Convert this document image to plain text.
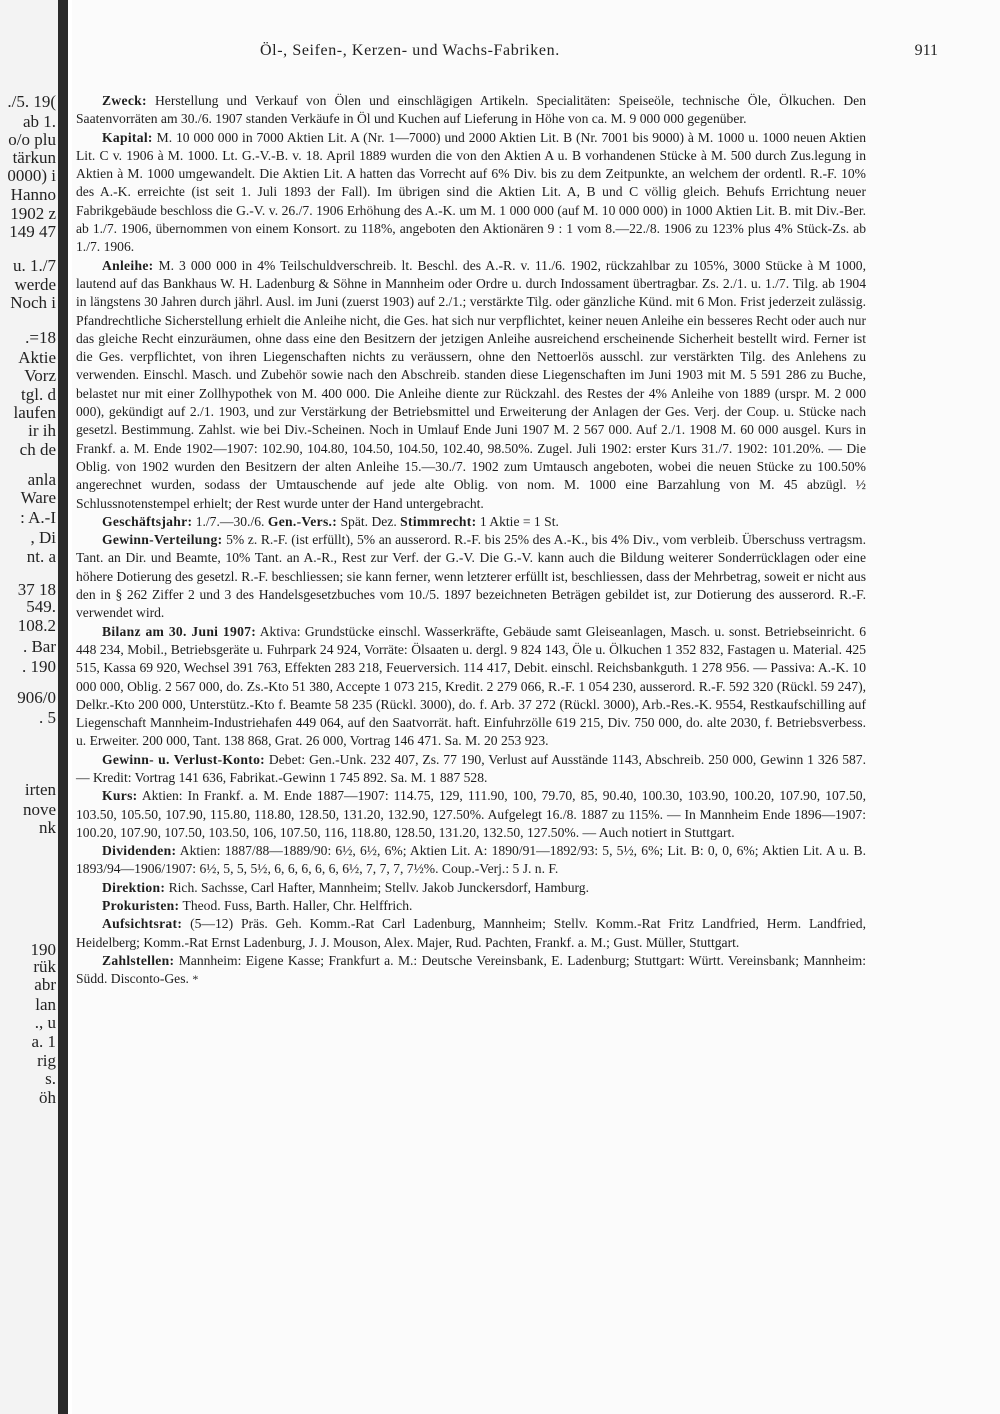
./5. 19(
ab 1.
o/o plu
tärkun
0000) i
Hanno
1902 z
149 47
u. 1./7
werde
Noch i
.=18
Aktie
Vorz
tgl. d
laufen
ir ih
ch de
anla
Ware
: A.-I
, Di
nt. a
37 18
549.
108.2
. Bar
. 190
906/0
. 5
irten
nove
nk
190
rük
abr
lan
., u
a. 1
rig
s.
öh
Öl-, Seifen-, Kerzen- und Wachs-Fabriken.	911

Zweck: Herstellung und Verkauf von Ölen und einschlägigen Artikeln. Specialitäten: Speiseöle, technische Öle, Ölkuchen. Den Saatenvorräten am 30./6. 1907 standen Verkäufe in Öl und Kuchen auf Lieferung in Höhe von ca. M. 9 000 000 gegenüber.

Kapital: M. 10 000 000 in 7000 Aktien Lit. A (Nr. 1—7000) und 2000 Aktien Lit. B (Nr. 7001 bis 9000) à M. 1000 u. 1000 neuen Aktien Lit. C v. 1906 à M. 1000. Lt. G.-V.-B. v. 18. April 1889 wurden die von den Aktien A u. B vorhandenen Stücke à M. 500 durch Zus.legung in Aktien à M. 1000 umgewandelt. Die Aktien Lit. A hatten das Vorrecht auf 6% Div. bis zu dem Zeitpunkte, an welchem der ordentl. R.-F. 10% des A.-K. erreichte (ist seit 1. Juli 1893 der Fall). Im übrigen sind die Aktien Lit. A, B und C völlig gleich. Behufs Errichtung neuer Fabrikgebäude beschloss die G.-V. v. 26./7. 1906 Erhöhung des A.-K. um M. 1 000 000 (auf M. 10 000 000) in 1000 Aktien Lit. B. mit Div.-Ber. ab 1./7. 1906, übernommen von einem Konsort. zu 118%, angeboten den Aktionären 9 : 1 vom 8.—22./8. 1906 zu 123% plus 4% Stück-Zs. ab 1./7. 1906.

Anleihe: M. 3 000 000 in 4% Teilschuldverschreib. lt. Beschl. des A.-R. v. 11./6. 1902, rückzahlbar zu 105%, 3000 Stücke à M 1000, lautend auf das Bankhaus W. H. Ladenburg & Söhne in Mannheim oder Ordre u. durch Indossament übertragbar. Zs. 2./1. u. 1./7. Tilg. ab 1904 in längstens 30 Jahren durch jährl. Ausl. im Juni (zuerst 1903) auf 2./1.; verstärkte Tilg. oder gänzliche Künd. mit 6 Mon. Frist jederzeit zulässig. Pfandrechtliche Sicherstellung erhielt die Anleihe nicht, die Ges. hat sich nur verpflichtet, keiner neuen Anleihe ein besseres Recht oder auch nur das gleiche Recht einzuräumen, ohne dass eine den Besitzern der jetzigen Anleihe ausreichend erscheinende Sicherheit bestellt wird. Ferner ist die Ges. verpflichtet, von ihren Liegenschaften nichts zu veräussern, ohne den Nettoerlös ausschl. zur verstärkten Tilg. des Anlehens zu verwenden. Einschl. Masch. und Zubehör sowie nach den Abschreib. standen diese Liegenschaften im Juni 1903 mit M. 5 591 286 zu Buche, belastet nur mit einer Zollhypothek von M. 400 000. Die Anleihe diente zur Rückzahl. des Restes der 4% Anleihe von 1889 (urspr. M. 2 000 000), gekündigt auf 2./1. 1903, und zur Verstärkung der Betriebsmittel und Erweiterung der Anlagen der Ges. Verj. der Coup. u. Stücke nach gesetzl. Bestimmung. Zahlst. wie bei Div.-Scheinen. Noch in Umlauf Ende Juni 1907 M. 2 567 000. Auf 2./1. 1908 M. 60 000 ausgel. Kurs in Frankf. a. M. Ende 1902—1907: 102.90, 104.80, 104.50, 104.50, 102.40, 98.50%. Zugel. Juli 1902: erster Kurs 31./7. 1902: 101.20%. — Die Oblig. von 1902 wurden den Besitzern der alten Anleihe 15.—30./7. 1902 zum Umtausch angeboten, wobei die neuen Stücke zu 100.50% angerechnet wurden, sodass der Umtauschende auf jede alte Oblig. von nom. M. 1000 eine Barzahlung von M. 45 abzügl. ½ Schlussnotenstempel erhielt; der Rest wurde unter der Hand untergebracht.

Geschäftsjahr: 1./7.—30./6. Gen.-Vers.: Spät. Dez. Stimmrecht: 1 Aktie = 1 St.

Gewinn-Verteilung: 5% z. R.-F. (ist erfüllt), 5% an ausserord. R.-F. bis 25% des A.-K., bis 4% Div., vom verbleib. Überschuss vertragsm. Tant. an Dir. und Beamte, 10% Tant. an A.-R., Rest zur Verf. der G.-V. Die G.-V. kann auch die Bildung weiterer Sonderrücklagen oder eine höhere Dotierung des gesetzl. R.-F. beschliessen; sie kann ferner, wenn letzterer erfüllt ist, beschliessen, dass der Mehrbetrag, soweit er nicht aus den in § 262 Ziffer 2 und 3 des Handelsgesetzbuches vom 10./5. 1897 bezeichneten Beträgen gebildet ist, zur Dotierung des ausserord. R.-F. verwendet wird.

Bilanz am 30. Juni 1907: Aktiva: Grundstücke einschl. Wasserkräfte, Gebäude samt Gleiseanlagen, Masch. u. sonst. Betriebseinricht. 6 448 234, Mobil., Betriebsgeräte u. Fuhrpark 24 924, Vorräte: Ölsaaten u. dergl. 9 824 143, Öle u. Ölkuchen 1 352 832, Fastagen u. Material. 425 515, Kassa 69 920, Wechsel 391 763, Effekten 283 218, Feuerversich. 114 417, Debit. einschl. Reichsbankguth. 1 278 956. — Passiva: A.-K. 10 000 000, Oblig. 2 567 000, do. Zs.-Kto 51 380, Accepte 1 073 215, Kredit. 2 279 066, R.-F. 1 054 230, ausserord. R.-F. 592 320 (Rückl. 59 247), Delkr.-Kto 200 000, Unterstütz.-Kto f. Beamte 58 235 (Rückl. 3000), do. f. Arb. 37 272 (Rückl. 3000), Arb.-Res.-K. 9554, Restkaufschilling auf Liegenschaft Mannheim-Industriehafen 449 064, auf den Saatvorrät. haft. Einfuhrzölle 619 215, Div. 750 000, do. alte 2030, f. Betriebsverbess. u. Erweiter. 200 000, Tant. 138 868, Grat. 26 000, Vortrag 146 471. Sa. M. 20 253 923.

Gewinn- u. Verlust-Konto: Debet: Gen.-Unk. 232 407, Zs. 77 190, Verlust auf Ausstände 1143, Abschreib. 250 000, Gewinn 1 326 587. — Kredit: Vortrag 141 636, Fabrikat.-Gewinn 1 745 892. Sa. M. 1 887 528.

Kurs: Aktien: In Frankf. a. M. Ende 1887—1907: 114.75, 129, 111.90, 100, 79.70, 85, 90.40, 100.30, 103.90, 100.20, 107.90, 107.50, 103.50, 105.50, 107.90, 115.80, 118.80, 128.50, 131.20, 132.90, 127.50%. Aufgelegt 16./8. 1887 zu 115%. — In Mannheim Ende 1896—1907: 100.20, 107.90, 107.50, 103.50, 106, 107.50, 116, 118.80, 128.50, 131.20, 132.50, 127.50%. — Auch notiert in Stuttgart.

Dividenden: Aktien: 1887/88—1889/90: 6½, 6½, 6%; Aktien Lit. A: 1890/91—1892/93: 5, 5½, 6%; Lit. B: 0, 0, 6%; Aktien Lit. A u. B. 1893/94—1906/1907: 6½, 5, 5, 5½, 6, 6, 6, 6, 6, 6½, 7, 7, 7, 7½%. Coup.-Verj.: 5 J. n. F.

Direktion: Rich. Sachsse, Carl Hafter, Mannheim; Stellv. Jakob Junckersdorf, Hamburg.

Prokuristen: Theod. Fuss, Barth. Haller, Chr. Helffrich.

Aufsichtsrat: (5—12) Präs. Geh. Komm.-Rat Carl Ladenburg, Mannheim; Stellv. Komm.-Rat Fritz Landfried, Herm. Landfried, Heidelberg; Komm.-Rat Ernst Ladenburg, J. J. Mouson, Alex. Majer, Rud. Pachten, Frankf. a. M.; Gust. Müller, Stuttgart.

Zahlstellen: Mannheim: Eigene Kasse; Frankfurt a. M.: Deutsche Vereinsbank, E. Ladenburg; Stuttgart: Württ. Vereinsbank; Mannheim: Südd. Disconto-Ges. *
